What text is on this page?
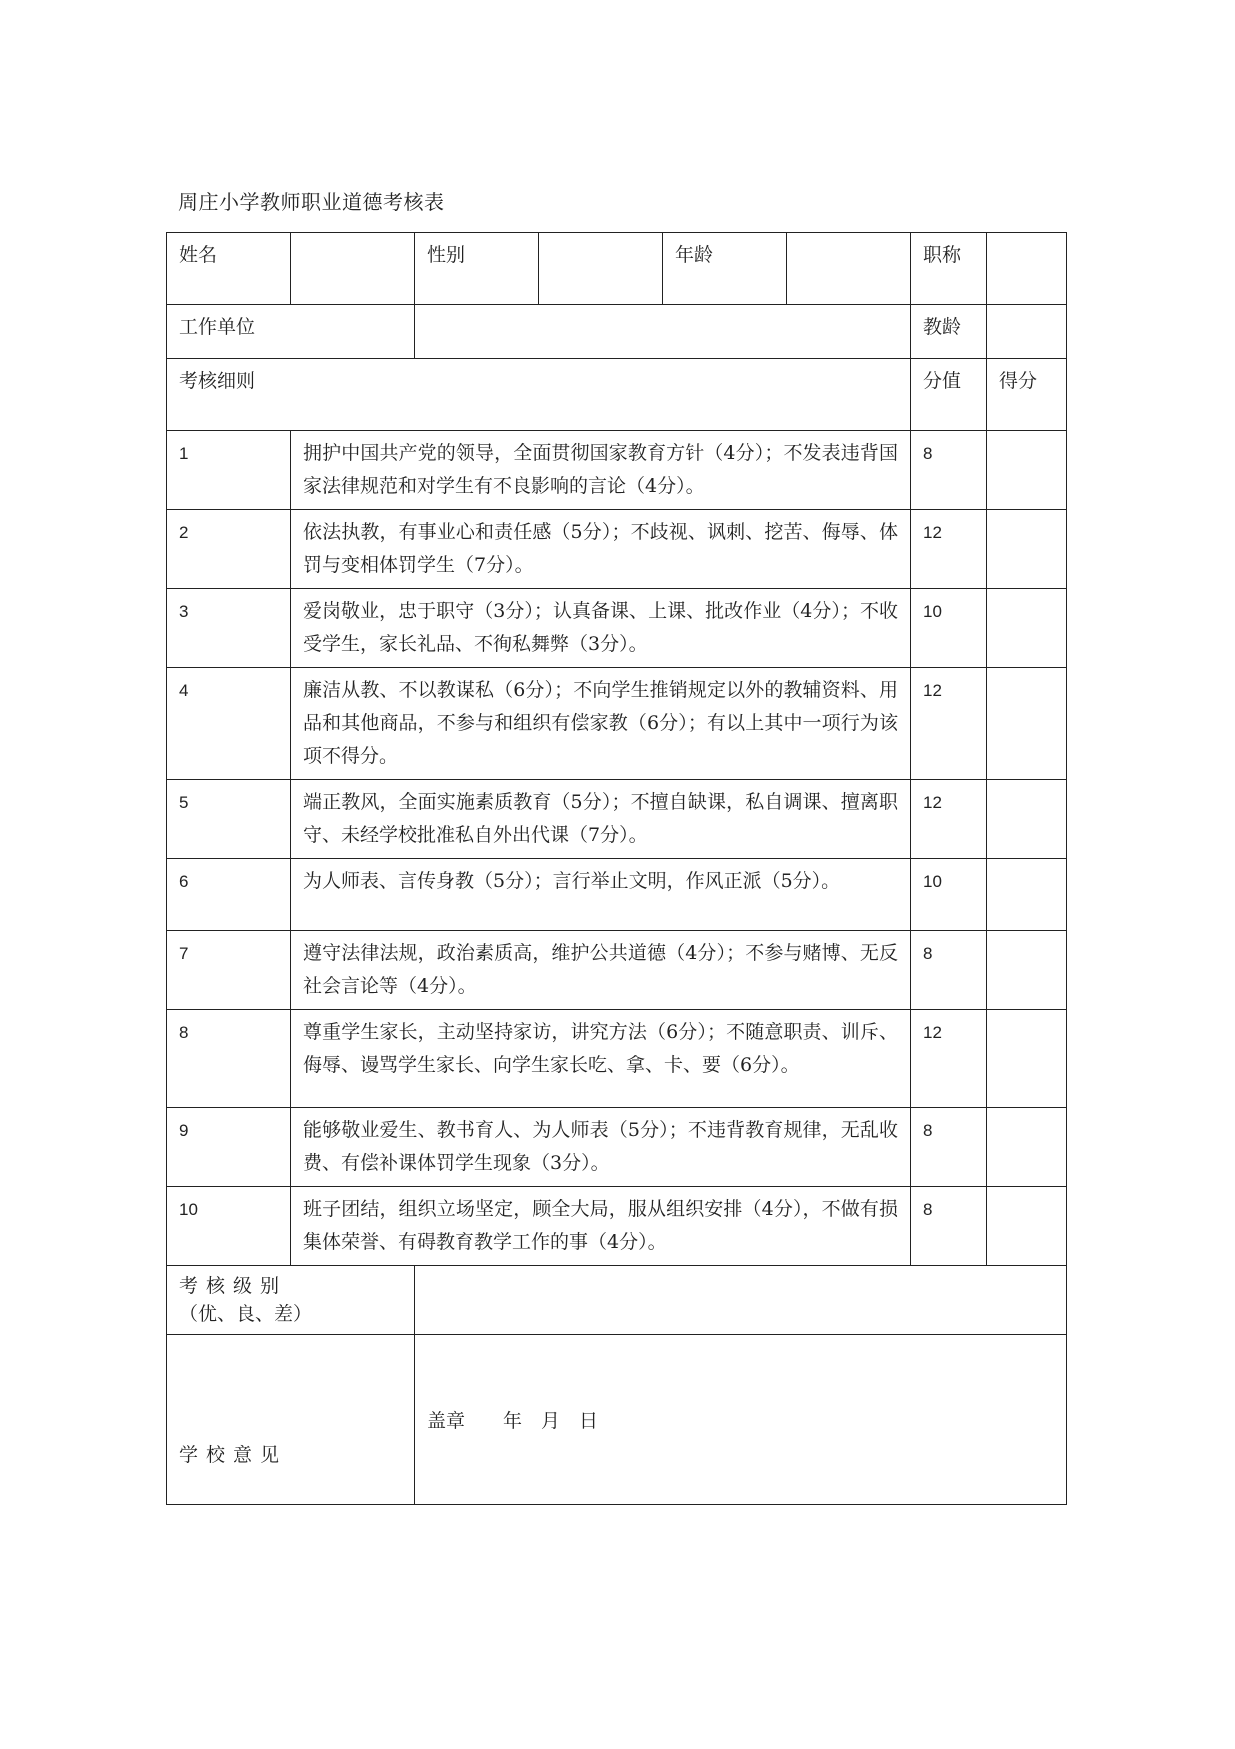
周庄小学教师职业道德考核表
姓名		性别		年龄		职称	
工作单位						教龄	
考核细则						分值	得分
1	拥护中国共产党的领导，全面贯彻国家教育方针（4分）；不发表违背国家法律规范和对学生有不良影响的言论（4分）。					8	
2	依法执教，有事业心和责任感（5分）；不歧视、讽刺、挖苦、侮辱、体罚与变相体罚学生（7分）。					12	
3	爱岗敬业，忠于职守（3分）；认真备课、上课、批改作业（4分）；不收受学生，家长礼品、不徇私舞弊（3分）。					10	
4	廉洁从教、不以教谋私（6分）；不向学生推销规定以外的教辅资料、用品和其他商品，不参与和组织有偿家教（6分）；有以上其中一项行为该项不得分。					12	
5	端正教风，全面实施素质教育（5分）；不擅自缺课，私自调课、擅离职守、未经学校批准私自外出代课（7分）。					12	
6	为人师表、言传身教（5分）；言行举止文明，作风正派（5分）。					10	
7	遵守法律法规，政治素质高，维护公共道德（4分）；不参与赌博、无反社会言论等（4分）。					8	
8	尊重学生家长，主动坚持家访，讲究方法（6分）；不随意职责、训斥、侮辱、谩骂学生家长、向学生家长吃、拿、卡、要（6分）。					12	
9	能够敬业爱生、教书育人、为人师表（5分）；不违背教育规律，无乱收费、有偿补课体罚学生现象（3分）。					8	
10	班子团结，组织立场坚定，顾全大局，服从组织安排（4分），不做有损集体荣誉、有碍教育教学工作的事（4分）。					8	

考核级别
（优、良、差）							

学校意见		盖章　　年　月　日					
